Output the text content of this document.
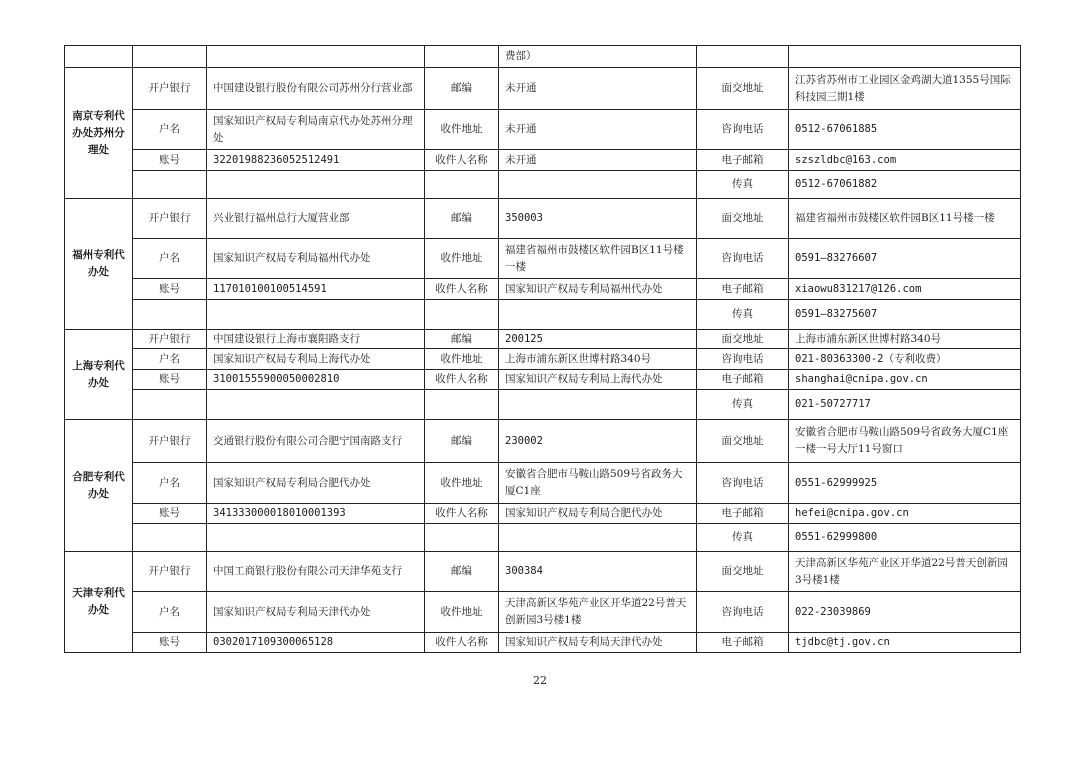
				费部）		
南京专利代办处苏州分理处	开户银行	中国建设银行股份有限公司苏州分行营业部	邮编	未开通	面交地址	江苏省苏州市工业园区金鸡湖大道1355号国际科技园三期1楼
	户名	国家知识产权局专利局南京代办处苏州分理处	收件地址	未开通	咨询电话	0512-67061885
	账号	32201988236052512491	收件人名称	未开通	电子邮箱	szszldbc@163.com
					传真	0512-67061882
福州专利代办处	开户银行	兴业银行福州总行大厦营业部	邮编	350003	面交地址	福建省福州市鼓楼区软件园B区11号楼一楼
	户名	国家知识产权局专利局福州代办处	收件地址	福建省福州市鼓楼区软件园B区11号楼一楼	咨询电话	0591—83276607
	账号	117010100100514591	收件人名称	国家知识产权局专利局福州代办处	电子邮箱	xiaowu831217@126.com
					传真	0591—83275607
上海专利代办处	开户银行	中国建设银行上海市襄阳路支行	邮编	200125	面交地址	上海市浦东新区世博村路340号
	户名	国家知识产权局专利局上海代办处	收件地址	上海市浦东新区世博村路340号	咨询电话	021-80363300-2（专利收费）
	账号	31001555900050002810	收件人名称	国家知识产权局专利局上海代办处	电子邮箱	shanghai@cnipa.gov.cn
					传真	021-50727717
合肥专利代办处	开户银行	交通银行股份有限公司合肥宁国南路支行	邮编	230002	面交地址	安徽省合肥市马鞍山路509号省政务大厦C1座一楼一号大厅11号窗口
	户名	国家知识产权局专利局合肥代办处	收件地址	安徽省合肥市马鞍山路509号省政务大厦C1座	咨询电话	0551-62999925
	账号	341333000018010001393	收件人名称	国家知识产权局专利局合肥代办处	电子邮箱	hefei@cnipa.gov.cn
					传真	0551-62999800
天津专利代办处	开户银行	中国工商银行股份有限公司天津华苑支行	邮编	300384	面交地址	天津高新区华苑产业区开华道22号普天创新园3号楼1楼
	户名	国家知识产权局专利局天津代办处	收件地址	天津高新区华苑产业区开华道22号普天创新园3号楼1楼	咨询电话	022-23039869
	账号	0302017109300065128	收件人名称	国家知识产权局专利局天津代办处	电子邮箱	tjdbc@tj.gov.cn
22
